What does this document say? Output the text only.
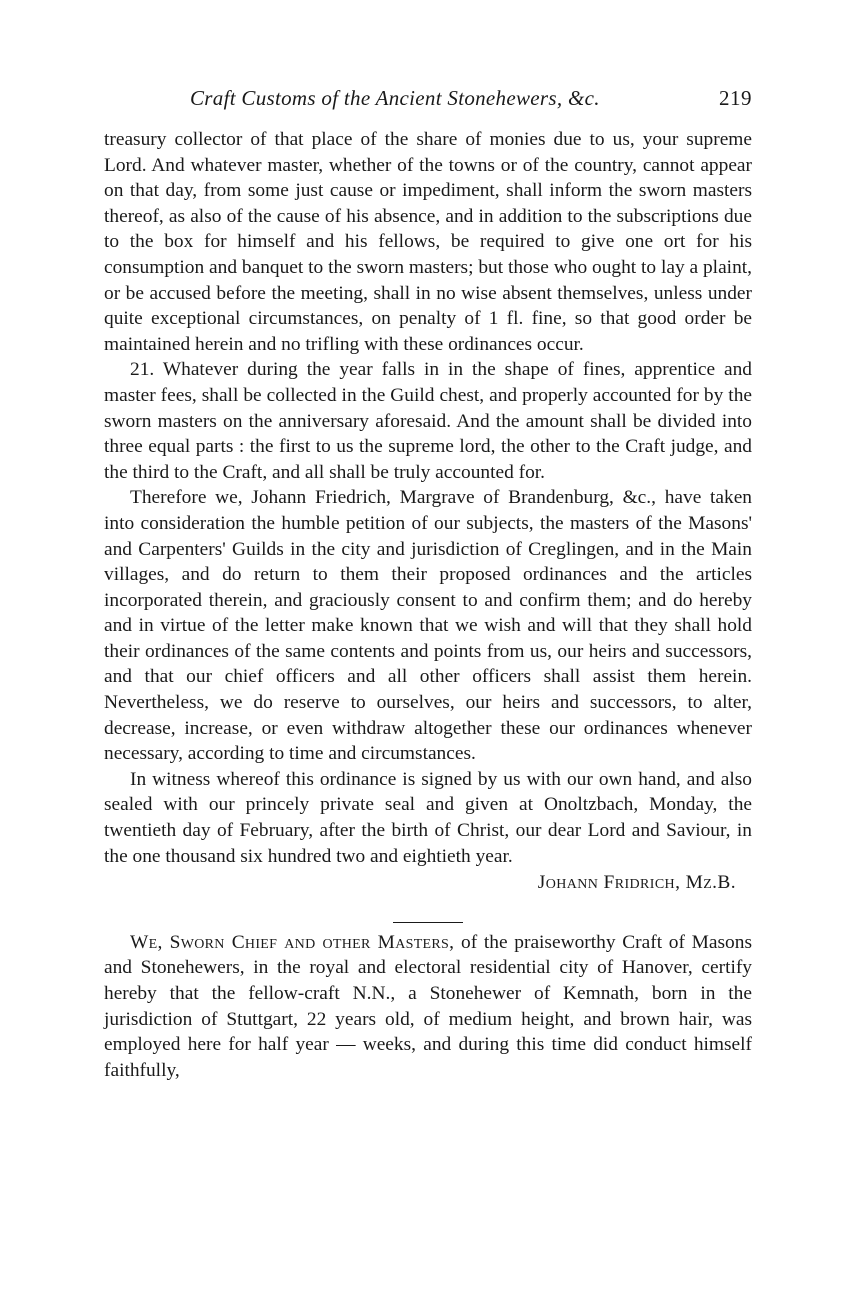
Craft Customs of the Ancient Stonehewers, &c.	219

treasury collector of that place of the share of monies due to us, your supreme Lord. And whatever master, whether of the towns or of the country, cannot appear on that day, from some just cause or impediment, shall inform the sworn masters thereof, as also of the cause of his absence, and in addition to the subscriptions due to the box for himself and his fellows, be required to give one ort for his consumption and banquet to the sworn masters; but those who ought to lay a plaint, or be accused before the meeting, shall in no wise absent themselves, unless under quite exceptional circumstances, on penalty of 1 fl. fine, so that good order be maintained herein and no trifling with these ordinances occur.

21. Whatever during the year falls in in the shape of fines, apprentice and master fees, shall be collected in the Guild chest, and properly accounted for by the sworn masters on the anniversary aforesaid. And the amount shall be divided into three equal parts : the first to us the supreme lord, the other to the Craft judge, and the third to the Craft, and all shall be truly accounted for.

Therefore we, Johann Friedrich, Margrave of Brandenburg, &c., have taken into consideration the humble petition of our subjects, the masters of the Masons' and Carpenters' Guilds in the city and jurisdiction of Creglingen, and in the Main villages, and do return to them their proposed ordinances and the articles incorporated therein, and graciously consent to and confirm them; and do hereby and in virtue of the letter make known that we wish and will that they shall hold their ordinances of the same contents and points from us, our heirs and successors, and that our chief officers and all other officers shall assist them herein. Nevertheless, we do reserve to ourselves, our heirs and successors, to alter, decrease, increase, or even withdraw altogether these our ordinances whenever necessary, according to time and circumstances.

In witness whereof this ordinance is signed by us with our own hand, and also sealed with our princely private seal and given at Onoltzbach, Monday, the twentieth day of February, after the birth of Christ, our dear Lord and Saviour, in the one thousand six hundred two and eightieth year.

Johann Fridrich, Mz.B.

We, Sworn Chief and other Masters, of the praiseworthy Craft of Masons and Stonehewers, in the royal and electoral residential city of Hanover, certify hereby that the fellow-craft N.N., a Stonehewer of Kemnath, born in the jurisdiction of Stuttgart, 22 years old, of medium height, and brown hair, was employed here for half year — weeks, and during this time did conduct himself faithfully,
